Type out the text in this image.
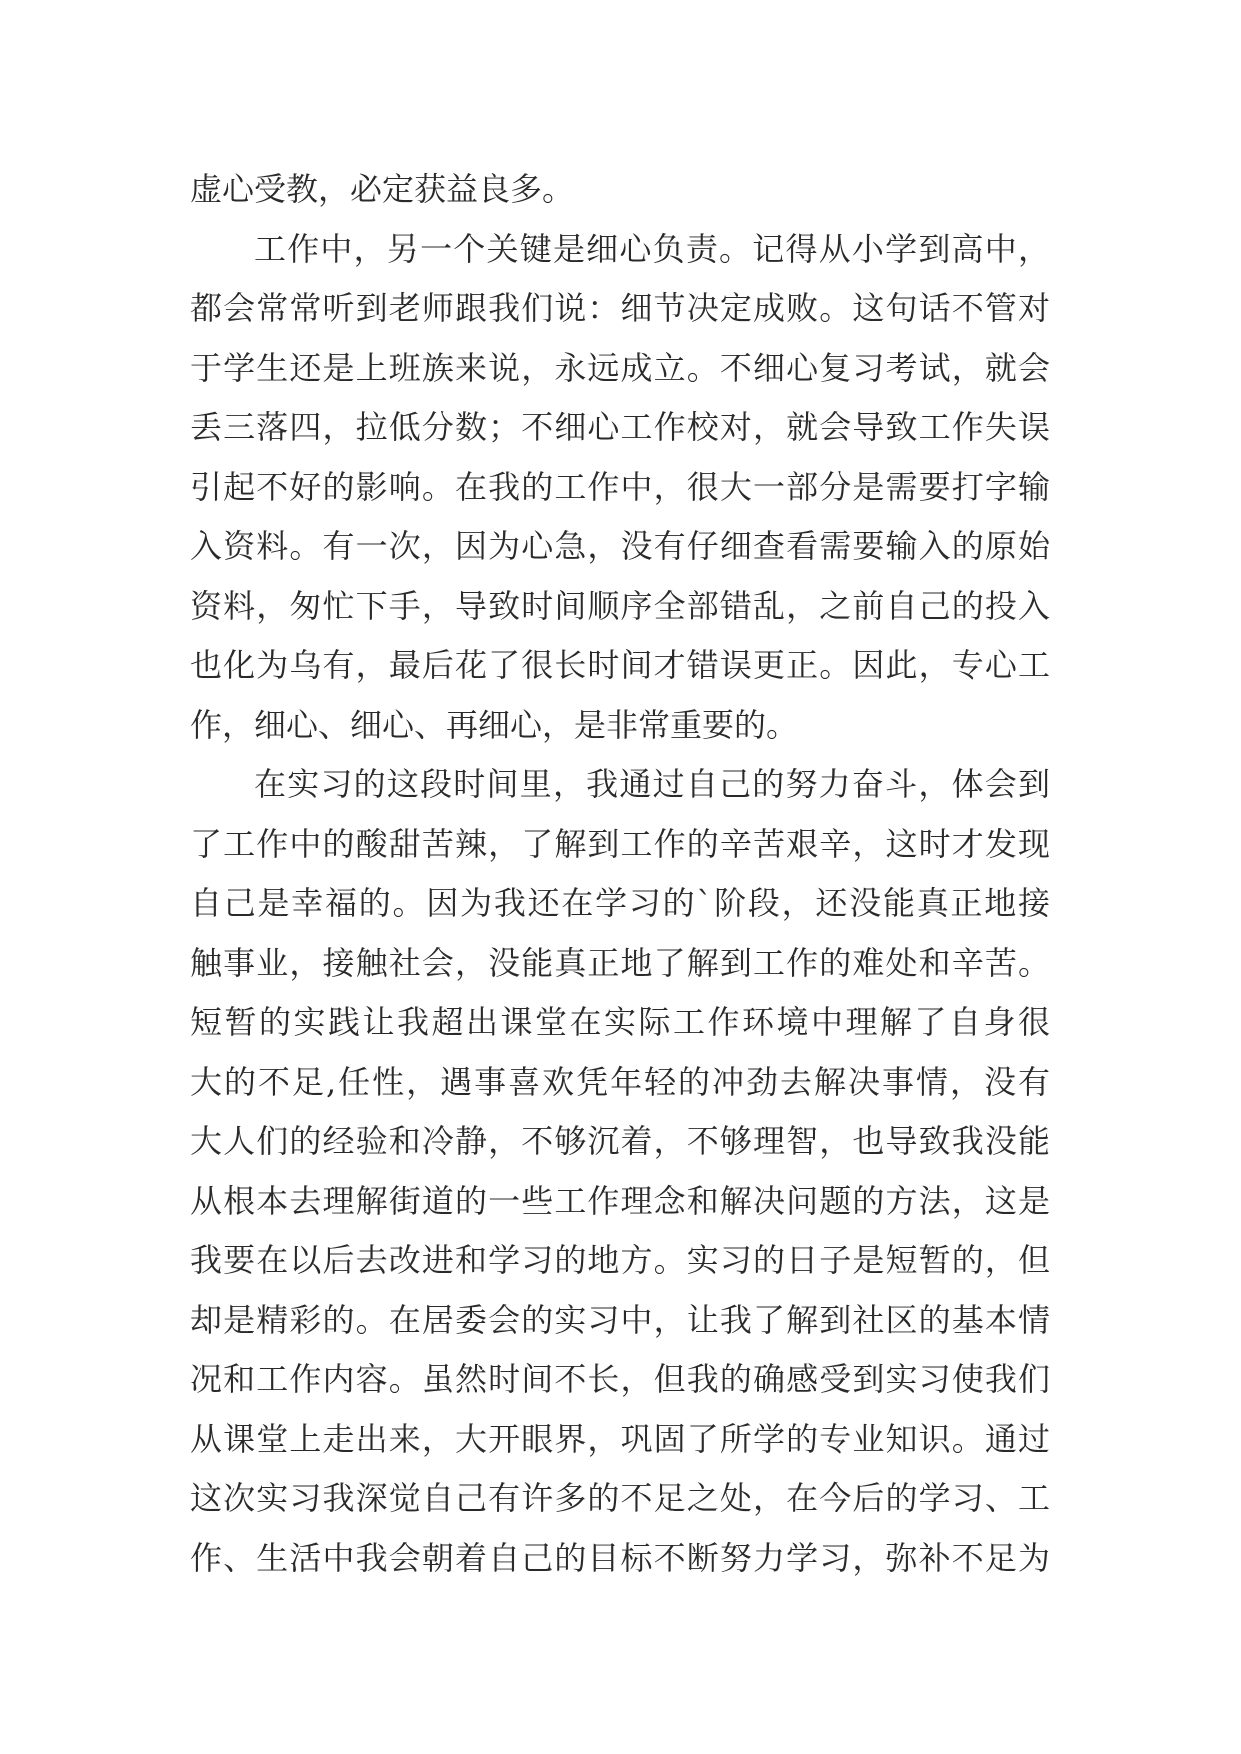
虚心受教，必定获益良多。
工作中，另一个关键是细心负责。记得从小学到高中，
都会常常听到老师跟我们说：细节决定成败。这句话不管对
于学生还是上班族来说，永远成立。不细心复习考试，就会
丢三落四，拉低分数；不细心工作校对，就会导致工作失误
引起不好的影响。在我的工作中，很大一部分是需要打字输
入资料。有一次，因为心急，没有仔细查看需要输入的原始
资料，匆忙下手，导致时间顺序全部错乱，之前自己的投入
也化为乌有，最后花了很长时间才错误更正。因此，专心工
作，细心、细心、再细心，是非常重要的。
在实习的这段时间里，我通过自己的努力奋斗，体会到
了工作中的酸甜苦辣，了解到工作的辛苦艰辛，这时才发现
自己是幸福的。因为我还在学习的`阶段，还没能真正地接
触事业，接触社会，没能真正地了解到工作的难处和辛苦。
短暂的实践让我超出课堂在实际工作环境中理解了自身很
大的不足,任性，遇事喜欢凭年轻的冲劲去解决事情，没有
大人们的经验和冷静，不够沉着，不够理智，也导致我没能
从根本去理解街道的一些工作理念和解决问题的方法，这是
我要在以后去改进和学习的地方。实习的日子是短暂的，但
却是精彩的。在居委会的实习中，让我了解到社区的基本情
况和工作内容。虽然时间不长，但我的确感受到实习使我们
从课堂上走出来，大开眼界，巩固了所学的专业知识。通过
这次实习我深觉自己有许多的不足之处，在今后的学习、工
作、生活中我会朝着自己的目标不断努力学习，弥补不足为
